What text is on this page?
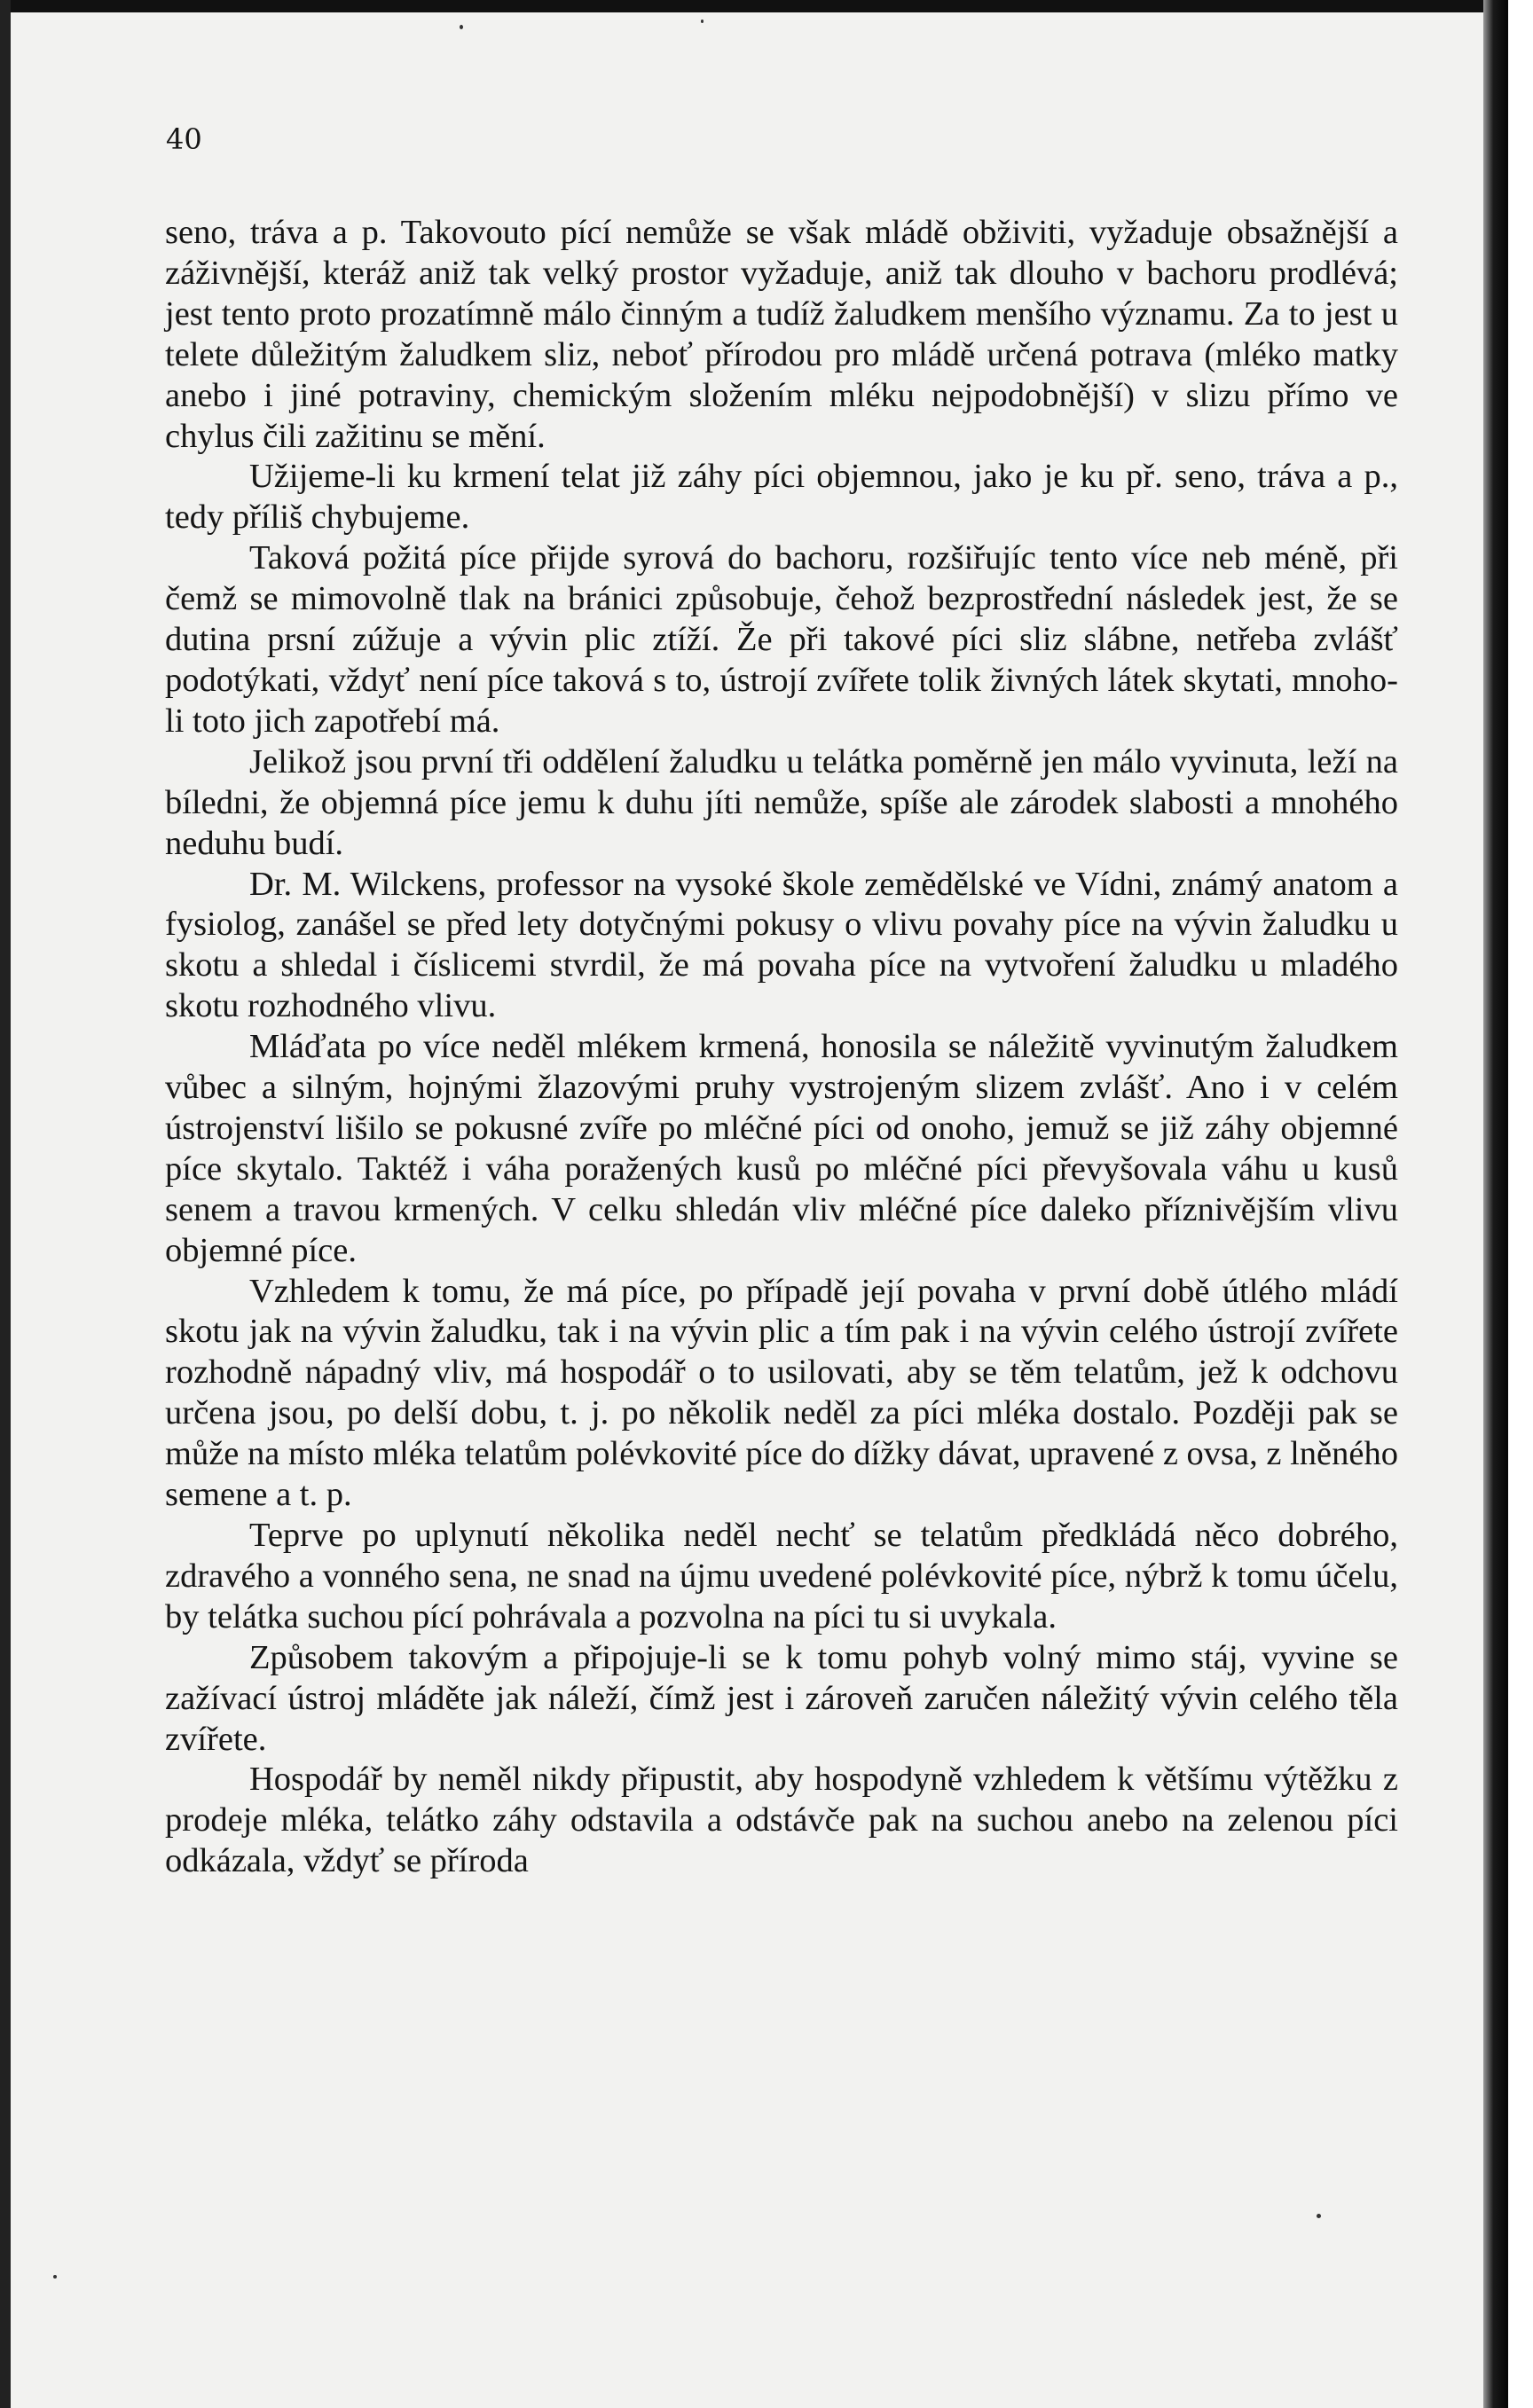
40

seno, tráva a p. Takovouto pící nemůže se však mládě obživiti, vyžaduje obsažnější a záživnější, kteráž aniž tak velký prostor vyžaduje, aniž tak dlouho v bachoru prodlévá; jest tento proto prozatímně málo činným a tudíž žaludkem menšího významu. Za to jest u telete důležitým žaludkem sliz, neboť přírodou pro mládě určená potrava (mléko matky anebo i jiné potraviny, chemickým složením mléku nejpodobnější) v slizu přímo ve chylus čili zažitinu se mění.

Užijeme-li ku krmení telat již záhy píci objemnou, jako je ku př. seno, tráva a p., tedy příliš chybujeme.

Taková požitá píce přijde syrová do bachoru, rozšiřujíc tento více neb méně, při čemž se mimovolně tlak na bránici způsobuje, čehož bezprostřední následek jest, že se dutina prsní zúžuje a vývin plic ztíží. Že při takové píci sliz slábne, netřeba zvlášť podotýkati, vždyť není píce taková s to, ústrojí zvířete tolik živných látek skytati, mnoho-li toto jich zapotřebí má.

Jelikož jsou první tři oddělení žaludku u telátka poměrně jen málo vyvinuta, leží na bíledni, že objemná píce jemu k duhu jíti nemůže, spíše ale zárodek slabosti a mnohého neduhu budí.

Dr. M. Wilckens, professor na vysoké škole zemědělské ve Vídni, známý anatom a fysiolog, zanášel se před lety dotyčnými pokusy o vlivu povahy píce na vývin žaludku u skotu a shledal i číslicemi stvrdil, že má povaha píce na vytvoření žaludku u mladého skotu rozhodného vlivu.

Mláďata po více neděl mlékem krmená, honosila se náležitě vyvinutým žaludkem vůbec a silným, hojnými žlazovými pruhy vystrojeným slizem zvlášť. Ano i v celém ústrojenství lišilo se pokusné zvíře po mléčné píci od onoho, jemuž se již záhy objemné píce skytalo. Taktéž i váha poražených kusů po mléčné píci převyšovala váhu u kusů senem a travou krmených. V celku shledán vliv mléčné píce daleko příznivějším vlivu objemné píce.

Vzhledem k tomu, že má píce, po případě její povaha v první době útlého mládí skotu jak na vývin žaludku, tak i na vývin plic a tím pak i na vývin celého ústrojí zvířete rozhodně nápadný vliv, má hospodář o to usilovati, aby se těm telatům, jež k odchovu určena jsou, po delší dobu, t. j. po několik neděl za píci mléka dostalo. Později pak se může na místo mléka telatům polévkovité píce do dížky dávat, upravené z ovsa, z lněného semene a t. p.

Teprve po uplynutí několika neděl nechť se telatům předkládá něco dobrého, zdravého a vonného sena, ne snad na újmu uvedené polévkovité píce, nýbrž k tomu účelu, by telátka suchou pící pohrávala a pozvolna na píci tu si uvykala.

Způsobem takovým a připojuje-li se k tomu pohyb volný mimo stáj, vyvine se zažívací ústroj mláděte jak náleží, čímž jest i zároveň zaručen náležitý vývin celého těla zvířete.

Hospodář by neměl nikdy připustit, aby hospodyně vzhledem k většímu výtěžku z prodeje mléka, telátko záhy odstavila a odstávče pak na suchou anebo na zelenou píci odkázala, vždyť se příroda
